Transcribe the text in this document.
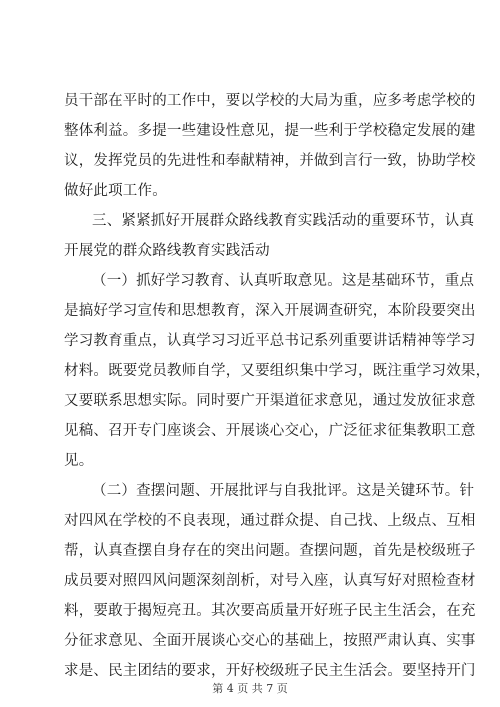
员干部在平时的工作中，要以学校的大局为重，应多考虑学校的
整体利益。多提一些建设性意见，提一些利于学校稳定发展的建
议，发挥党员的先进性和奉献精神，并做到言行一致，协助学校
做好此项工作。
三、紧紧抓好开展群众路线教育实践活动的重要环节，认真
开展党的群众路线教育实践活动
（一）抓好学习教育、认真听取意见。这是基础环节，重点
是搞好学习宣传和思想教育，深入开展调查研究，本阶段要突出
学习教育重点，认真学习习近平总书记系列重要讲话精神等学习
材料。既要党员教师自学，又要组织集中学习，既注重学习效果，
又要联系思想实际。同时要广开渠道征求意见，通过发放征求意
见稿、召开专门座谈会、开展谈心交心，广泛征求征集教职工意
见。
（二）查摆问题、开展批评与自我批评。这是关键环节。针
对四风在学校的不良表现，通过群众提、自己找、上级点、互相
帮，认真查摆自身存在的突出问题。查摆问题，首先是校级班子
成员要对照四风问题深刻剖析，对号入座，认真写好对照检查材
料，要敢于揭短亮丑。其次要高质量开好班子民主生活会，在充
分征求意见、全面开展谈心交心的基础上，按照严肃认真、实事
求是、民主团结的要求，开好校级班子民主生活会。要坚持开门
第 4 页 共 7 页
